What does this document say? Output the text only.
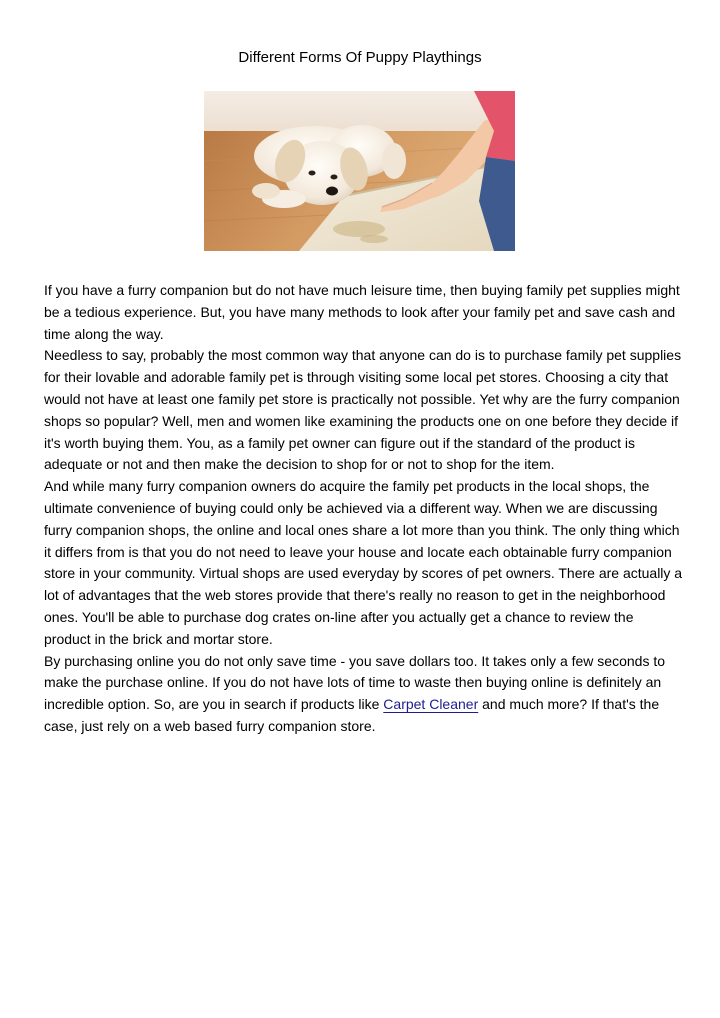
Different Forms Of Puppy Playthings

If you have a furry companion but do not have much leisure time, then buying family pet supplies might be a tedious experience. But, you have many methods to look after your family pet and save cash and time along the way.

Needless to say, probably the most common way that anyone can do is to purchase family pet supplies for their lovable and adorable family pet is through visiting some local pet stores. Choosing a city that would not have at least one family pet store is practically not possible. Yet why are the furry companion shops so popular? Well, men and women like examining the products one on one before they decide if it's worth buying them. You, as a family pet owner can figure out if the standard of the product is adequate or not and then make the decision to shop for or not to shop for the item.

And while many furry companion owners do acquire the family pet products in the local shops, the ultimate convenience of buying could only be achieved via a different way. When we are discussing furry companion shops, the online and local ones share a lot more than you think. The only thing which it differs from is that you do not need to leave your house and locate each obtainable furry companion store in your community. Virtual shops are used everyday by scores of pet owners. There are actually a lot of advantages that the web stores provide that there's really no reason to get in the neighborhood ones. You'll be able to purchase dog crates on-line after you actually get a chance to review the product in the brick and mortar store.

By purchasing online you do not only save time - you save dollars too. It takes only a few seconds to make the purchase online. If you do not have lots of time to waste then buying online is definitely an incredible option. So, are you in search if products like Carpet Cleaner and much more? If that's the case, just rely on a web based furry companion store.
